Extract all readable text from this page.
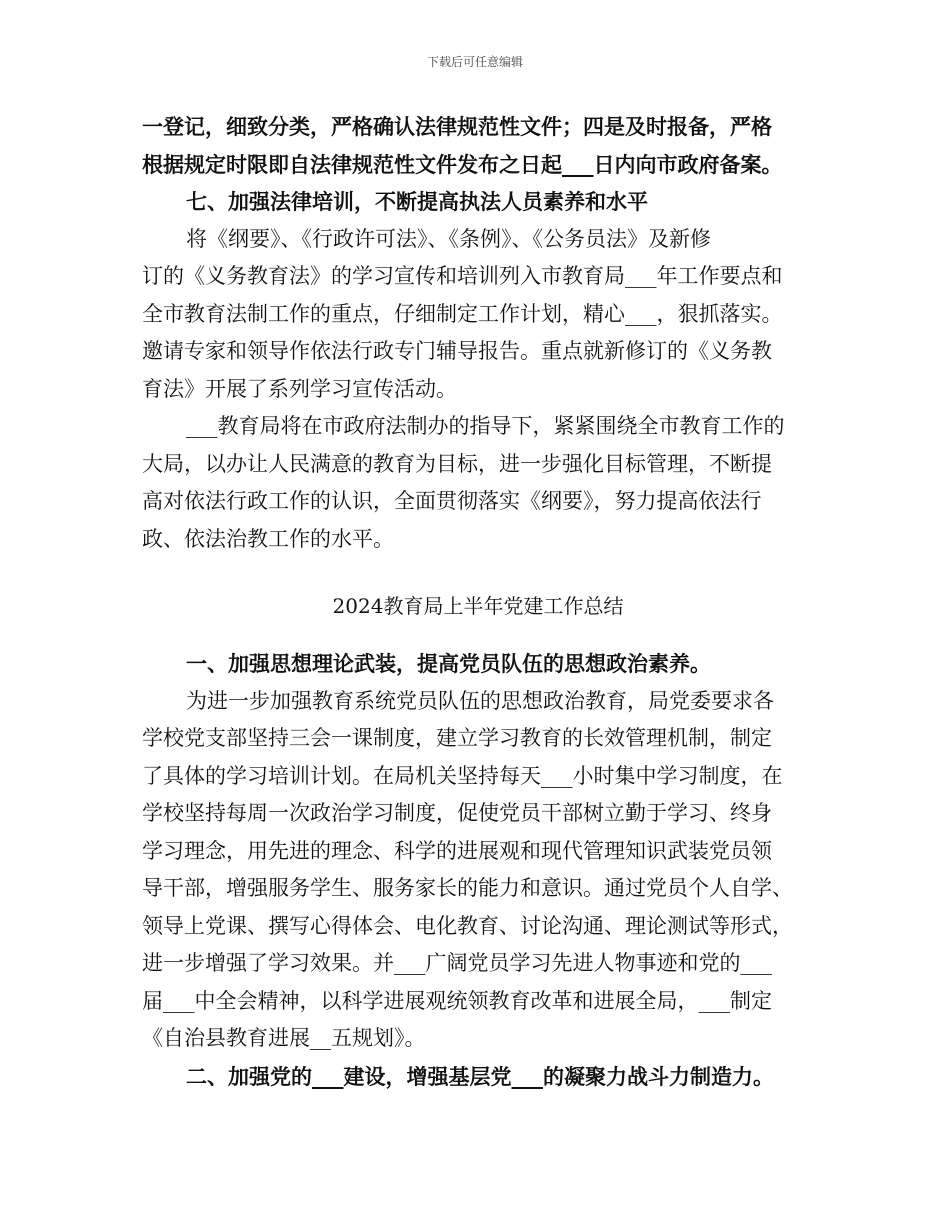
下载后可任意编辑
一登记，细致分类，严格确认法律规范性文件；四是及时报备，严格
根据规定时限即自法律规范性文件发布之日起___日内向市政府备案。
七、加强法律培训，不断提高执法人员素养和水平
将《纲要》、《行政许可法》、《条例》、《公务员法》及新修
订的《义务教育法》的学习宣传和培训列入市教育局___年工作要点和
全市教育法制工作的重点，仔细制定工作计划，精心___，狠抓落实。
邀请专家和领导作依法行政专门辅导报告。重点就新修订的《义务教
育法》开展了系列学习宣传活动。
___教育局将在市政府法制办的指导下，紧紧围绕全市教育工作的
大局，以办让人民满意的教育为目标，进一步强化目标管理，不断提
高对依法行政工作的认识，全面贯彻落实《纲要》，努力提高依法行
政、依法治教工作的水平。
2024教育局上半年党建工作总结
一、加强思想理论武装，提高党员队伍的思想政治素养。
为进一步加强教育系统党员队伍的思想政治教育，局党委要求各
学校党支部坚持三会一课制度，建立学习教育的长效管理机制，制定
了具体的学习培训计划。在局机关坚持每天___小时集中学习制度，在
学校坚持每周一次政治学习制度，促使党员干部树立勤于学习、终身
学习理念，用先进的理念、科学的进展观和现代管理知识武装党员领
导干部，增强服务学生、服务家长的能力和意识。通过党员个人自学、
领导上党课、撰写心得体会、电化教育、讨论沟通、理论测试等形式，
进一步增强了学习效果。并___广阔党员学习先进人物事迹和党的___
届___中全会精神，以科学进展观统领教育改革和进展全局，___制定
《自治县教育进展__五规划》。
二、加强党的___建设，增强基层党___的凝聚力战斗力制造力。
